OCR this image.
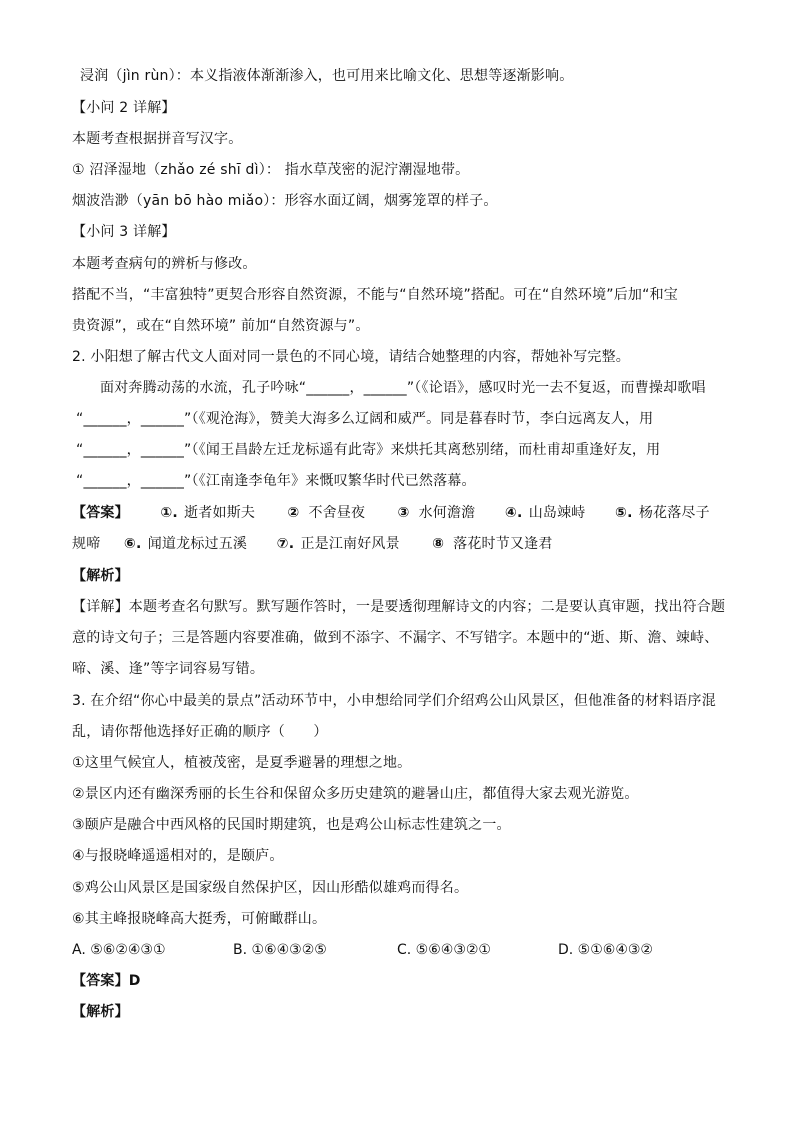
浸润（jìn rùn）：本义指液体渐渐渗入，也可用来比喻文化、思想等逐渐影响。
【小问 2 详解】
本题考查根据拼音写汉字。
① 沼泽湿地（zhǎo zé shī dì）： 指水草茂密的泥泞潮湿地带。
烟波浩渺（yān bō hào miǎo）：形容水面辽阔，烟雾笼罩的样子。
【小问 3 详解】
本题考查病句的辨析与修改。
搭配不当，“丰富独特”更契合形容自然资源，不能与“自然环境”搭配。可在“自然环境”后加“和宝
贵资源”，或在“自然环境” 前加“自然资源与”。
2. 小阳想了解古代文人面对同一景色的不同心境，请结合她整理的内容，帮她补写完整。
面对奔腾动荡的水流，孔子吟咏“______，______”（《论语》，感叹时光一去不复返，而曹操却歌唱
“______，______”（《观沧海》，赞美大海多么辽阔和威严。同是暮春时节，李白远离友人，用
“______，______”（《闻王昌龄左迁龙标遥有此寄》来烘托其离愁别绪，而杜甫却重逢好友，用
“______，______”（《江南逢李龟年》来慨叹繁华时代已然落幕。
【答案】 ①. 逝者如斯夫 ② 不舍昼夜 ③ 水何澹澹 ④. 山岛竦峙 ⑤. 杨花落尽子
规啼 ⑥. 闻道龙标过五溪 ⑦. 正是江南好风景 ⑧ 落花时节又逢君
【解析】
【详解】本题考查名句默写。默写题作答时，一是要透彻理解诗文的内容；二是要认真审题，找出符合题
意的诗文句子；三是答题内容要准确，做到不添字、不漏字、不写错字。本题中的“逝、斯、澹、竦峙、
啼、溪、逢”等字词容易写错。
3. 在介绍“你心中最美的景点”活动环节中，小申想给同学们介绍鸡公山风景区，但他准备的材料语序混
乱，请你帮他选择好正确的顺序（　　）
①这里气候宜人，植被茂密，是夏季避暑的理想之地。
②景区内还有幽深秀丽的长生谷和保留众多历史建筑的避暑山庄，都值得大家去观光游览。
③颐庐是融合中西风格的民国时期建筑，也是鸡公山标志性建筑之一。
④与报晓峰遥遥相对的，是颐庐。
⑤鸡公山风景区是国家级自然保护区，因山形酷似雄鸡而得名。
⑥其主峰报晓峰高大挺秀，可俯瞰群山。
A. ⑤⑥②④③①	B. ①⑥④③②⑤	C. ⑤⑥④③②①	D. ⑤①⑥④③②
【答案】D
【解析】
